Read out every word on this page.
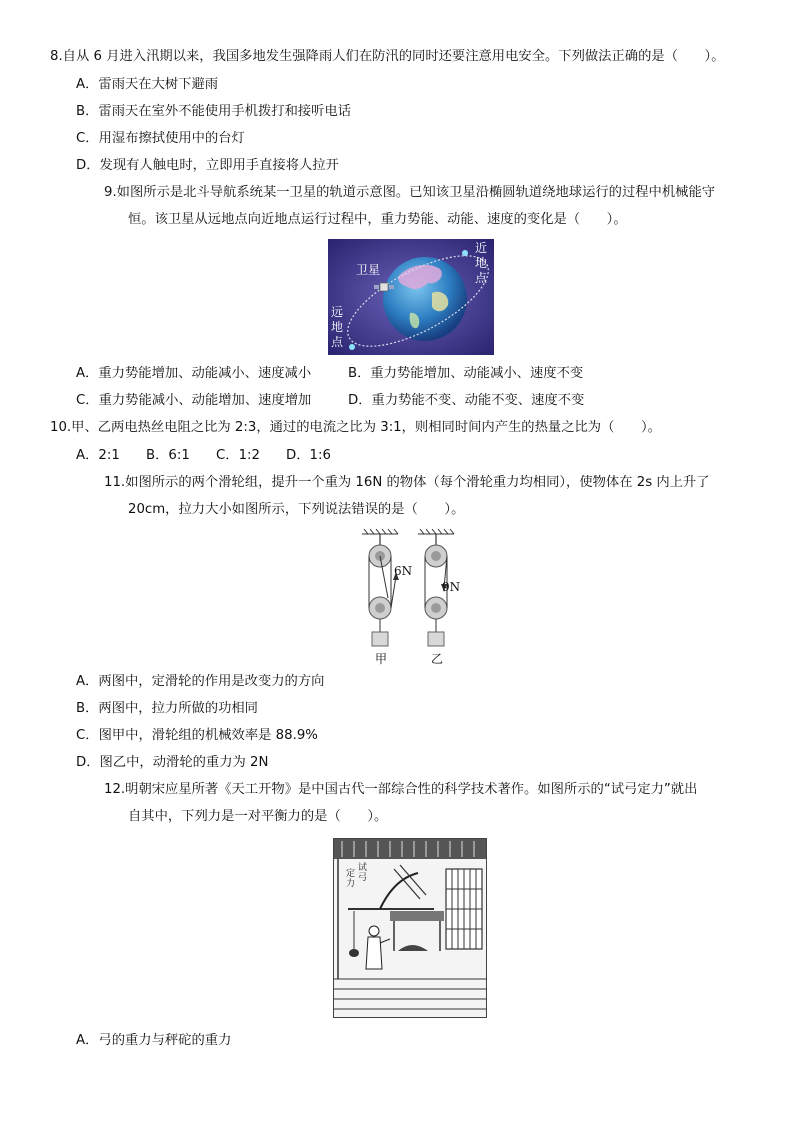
8.自从 6 月进入汛期以来，我国多地发生强降雨人们在防汛的同时还要注意用电安全。下列做法正确的是（　　）。
A．雷雨天在大树下避雨
B．雷雨天在室外不能使用手机拨打和接听电话
C．用湿布擦拭使用中的台灯
D．发现有人触电时，立即用手直接将人拉开
9.如图所示是北斗导航系统某一卫星的轨道示意图。已知该卫星沿椭圆轨道绕地球运行的过程中机械能守
恒。该卫星从远地点向近地点运行过程中，重力势能、动能、速度的变化是（　　）。
卫星
近
地
点
远
地
点
A．重力势能增加、动能减小、速度减小	B．重力势能增加、动能减小、速度不变
C．重力势能减小、动能增加、速度增加	D．重力势能不变、动能不变、速度不变
10.甲、乙两电热丝电阻之比为 2:3，通过的电流之比为 3:1，则相同时间内产生的热量之比为（　　）。
A．2:1 B．6:1 C．1:2 D．1:6
11.如图所示的两个滑轮组，提升一个重为 16N 的物体（每个滑轮重力均相同），使物体在 2s 内上升了
20cm，拉力大小如图所示，下列说法错误的是（　　）。
6N
9N
甲	乙
A．两图中，定滑轮的作用是改变力的方向
B．两图中，拉力所做的功相同
C．图甲中，滑轮组的机械效率是 88.9%
D．图乙中，动滑轮的重力为 2N
12.明朝宋应星所著《天工开物》是中国古代一部综合性的科学技术著作。如图所示的“试弓定力”就出
自其中，下列力是一对平衡力的是（　　）。
试
弓
定
力
A．弓的重力与秤砣的重力
